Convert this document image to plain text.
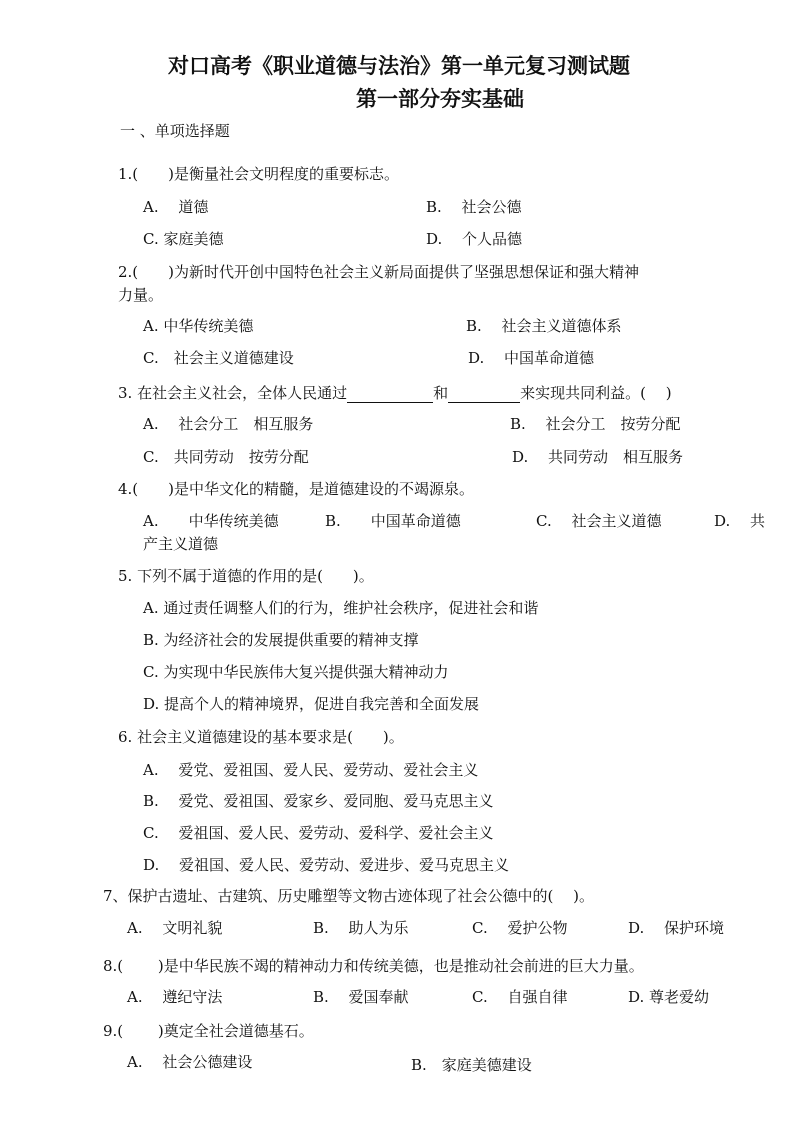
对口高考《职业道德与法治》第一单元复习测试题
第一部分夯实基础
一 、单项选择题
1.(　　)是衡量社会文明程度的重要标志。
A.　 道德	B.　 社会公德
C. 家庭美德	D.　 个人品德
2.(　　)为新时代开创中国特色社会主义新局面提供了坚强思想保证和强大精神
力量。
A. 中华传统美德	B.　 社会主义道德体系
C.　社会主义道德建设	D.　 中国革命道德
3. 在社会主义社会，全体人民通过	和	来实现共同利益。(　 )
A.　 社会分工　相互服务	B.　 社会分工　按劳分配
C.　共同劳动　按劳分配	D.　 共同劳动　相互服务
4.(　　)是中华文化的精髓，是道德建设的不竭源泉。
A.　　中华传统美德	B.　　中国革命道德	C.　 社会主义道德	D.　 共
产主义道德
5. 下列不属于道德的作用的是(　　)。
A. 通过责任调整人们的行为，维护社会秩序，促进社会和谐
B. 为经济社会的发展提供重要的精神支撑
C. 为实现中华民族伟大复兴提供强大精神动力
D. 提高个人的精神境界，促进自我完善和全面发展
6. 社会主义道德建设的基本要求是(　　)。
A.　 爱党、爱祖国、爱人民、爱劳动、爱社会主义
B.　 爱党、爱祖国、爱家乡、爱同胞、爱马克思主义
C.　 爱祖国、爱人民、爱劳动、爱科学、爱社会主义
D.　 爱祖国、爱人民、爱劳动、爱进步、爱马克思主义
7、保护古遗址、古建筑、历史雕塑等文物古迹体现了社会公德中的(　 )。
A.　 文明礼貌	B.　 助人为乐	C.　 爱护公物	D.　 保护环境
8.(　　 )是中华民族不竭的精神动力和传统美德，也是推动社会前进的巨大力量。
A.　 遵纪守法	B.　 爱国奉献	C.　 自强自律	D. 尊老爱幼
9.(　　 )奠定全社会道德基石。
A.　 社会公德建设	B.　家庭美德建设
